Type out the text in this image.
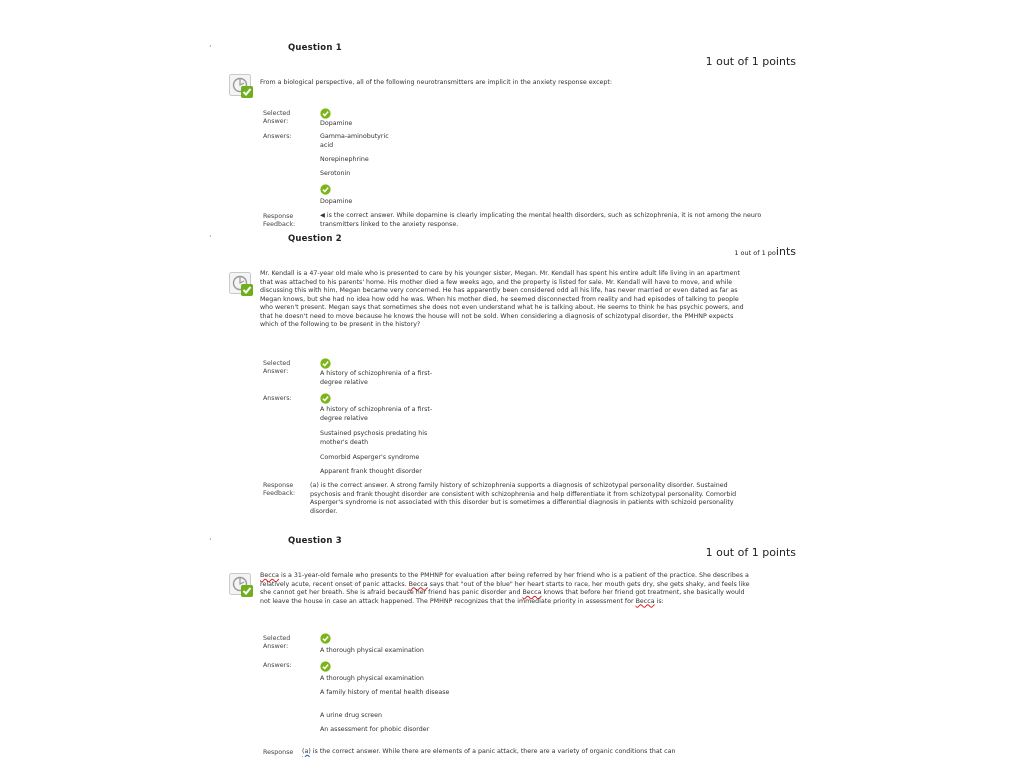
·	Question 1
1 out of 1 points
From a biological perspective, all of the following neurotransmitters are implicit in the anxiety response except:
Selected Answer:	Dopamine
Answers:	Gamma-aminobutyric acid
Norepinephrine
Serotonin
Dopamine
Response Feedback:
◀ is the correct answer. While dopamine is clearly implicating the mental health disorders, such as schizophrenia, it is not among the neuro transmitters linked to the anxiety response.
·	Question 2
1 out of 1 points
Mr. Kendall is a 47-year old male who is presented to care by his younger sister, Megan. Mr. Kendall has spent his entire adult life living in an apartment that was attached to his parents' home. His mother died a few weeks ago, and the property is listed for sale. Mr. Kendall will have to move, and while discussing this with him, Megan became very concerned. He has apparently been considered odd all his life, has never married or even dated as far as Megan knows, but she had no idea how odd he was. When his mother died, he seemed disconnected from reality and had episodes of talking to people who weren't present. Megan says that sometimes she does not even understand what he is talking about. He seems to think he has psychic powers, and that he doesn't need to move because he knows the house will not be sold. When considering a diagnosis of schizotypal disorder, the PMHNP expects which of the following to be present in the history?
Selected Answer:	A history of schizophrenia of a first-degree relative
Answers:
A history of schizophrenia of a first-degree relative
Sustained psychosis predating his mother's death
Comorbid Asperger's syndrome
Apparent frank thought disorder
Response Feedback:
(a) is the correct answer. A strong family history of schizophrenia supports a diagnosis of schizotypal personality disorder. Sustained psychosis and frank thought disorder are consistent with schizophrenia and help differentiate it from schizotypal personality. Comorbid Asperger's syndrome is not associated with this disorder but is sometimes a differential diagnosis in patients with schizoid personality disorder.
·	Question 3
1 out of 1 points
Becca is a 31-year-old female who presents to the PMHNP for evaluation after being referred by her friend who is a patient of the practice. She describes a relatively acute, recent onset of panic attacks. Becca says that "out of the blue" her heart starts to race, her mouth gets dry, she gets shaky, and feels like she cannot get her breath. She is afraid because her friend has panic disorder and Becca knows that before her friend got treatment, she basically would not leave the house in case an attack happened. The PMHNP recognizes that the immediate priority in assessment for Becca is:
Selected Answer:
A thorough physical examination
Answers:
A thorough physical examination
A family history of mental health disease
A urine drug screen
An assessment for phobic disorder
Response	(a) is the correct answer. While there are elements of a panic attack, there are a variety of organic conditions that can
